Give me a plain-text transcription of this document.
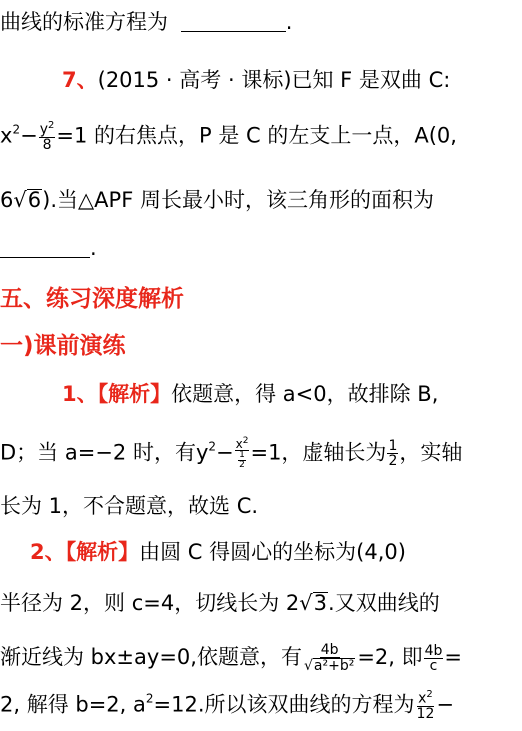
曲线的标准方程为	.
7、(2015 · 高考 · 课标)已知 F 是双曲 C:
$x^2- \frac{y^2}{8} =1$ 的右焦点，P 是 C 的左支上一点，A(0,
6√6).当△APF 周长最小时，该三角形的面积为
.
五、练习深度解析
一)课前演练
1、【解析】依题意，得 a<0，故排除 B,
D；当 a=−2 时，有$y^2- \frac{x^2}{\frac{1}{2}} =1$，虚轴长为 $\frac{1}{2}$ ，实轴
长为 1，不合题意，故选 C.
2、【解析】由圆 C 得圆心的坐标为(4,0)
半径为 2，则 c=4，切线长为 2√3.又双曲线的
渐近线为 bx±ay=0,依题意，有 $\frac{4b}{\text{√a²+b²}} =2$, 即 $\frac{4b}{c}$ =
2, 解得 b=2, $a^2=12$.所以该双曲线的方程为 $\frac{x^2}{12}$ −
